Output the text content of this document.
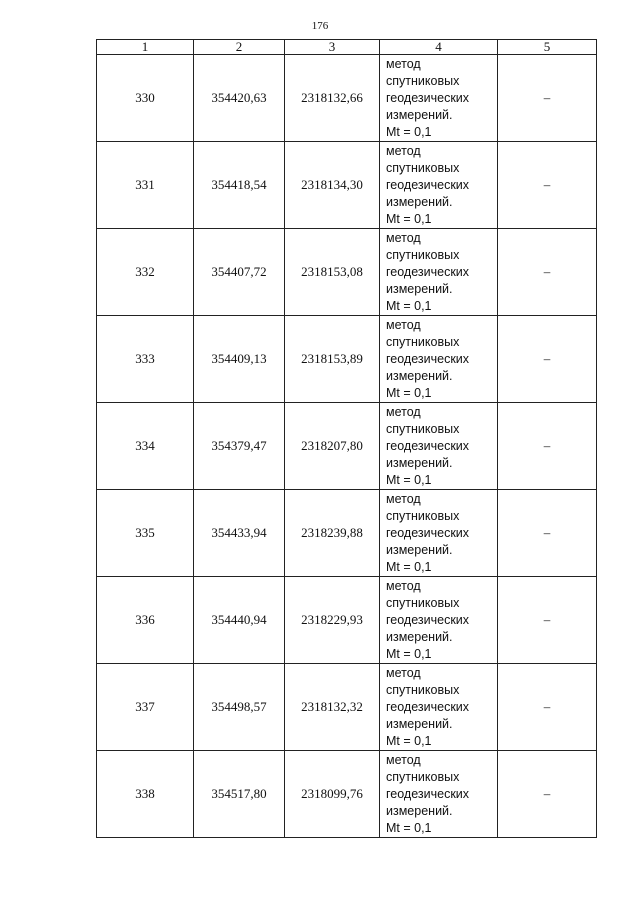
176
1	2	3	4	5
330	354420,63	2318132,66	метод
спутниковых
геодезических
измерений.
Mt = 0,1	–
331	354418,54	2318134,30	метод
спутниковых
геодезических
измерений.
Mt = 0,1	–
332	354407,72	2318153,08	метод
спутниковых
геодезических
измерений.
Mt = 0,1	–
333	354409,13	2318153,89	метод
спутниковых
геодезических
измерений.
Mt = 0,1	–
334	354379,47	2318207,80	метод
спутниковых
геодезических
измерений.
Mt = 0,1	–
335	354433,94	2318239,88	метод
спутниковых
геодезических
измерений.
Mt = 0,1	–
336	354440,94	2318229,93	метод
спутниковых
геодезических
измерений.
Mt = 0,1	–
337	354498,57	2318132,32	метод
спутниковых
геодезических
измерений.
Mt = 0,1	–
338	354517,80	2318099,76	метод
спутниковых
геодезических
измерений.
Mt = 0,1	–
